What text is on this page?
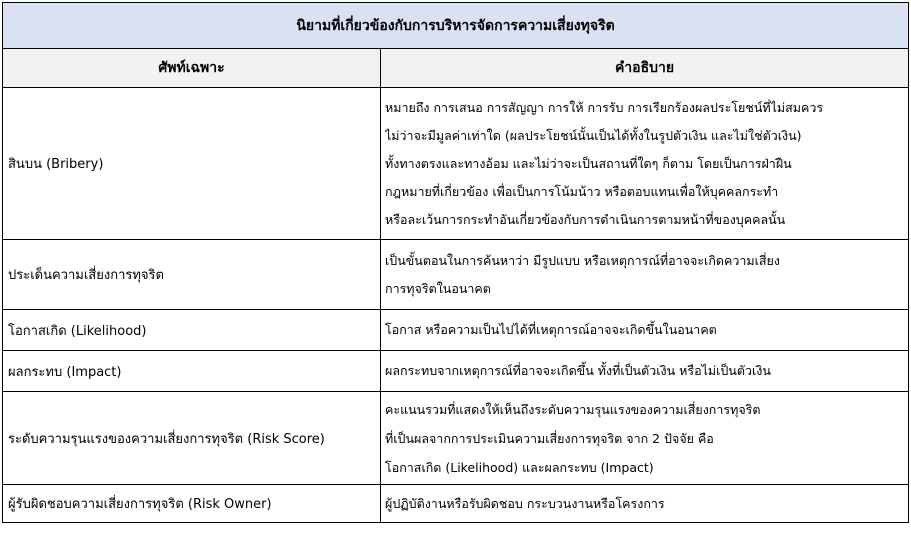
นิยามที่เกี่ยวข้องกับการบริหารจัดการความเสี่ยงทุจริต	
ศัพท์เฉพาะ	คำอธิบาย
สินบน (Bribery)	หมายถึง การเสนอ การสัญญา การให้ การรับ การเรียกร้องผลประโยชน์ที่ไม่สมควร
ไม่ว่าจะมีมูลค่าเท่าใด (ผลประโยชน์นั้นเป็นได้ทั้งในรูปตัวเงิน และไม่ใช่ตัวเงิน)
ทั้งทางตรงและทางอ้อม และไม่ว่าจะเป็นสถานที่ใดๆ ก็ตาม โดยเป็นการฝ่าฝืน
กฎหมายที่เกี่ยวข้อง เพื่อเป็นการโน้มน้าว หรือตอบแทนเพื่อให้บุคคลกระทำ
หรือละเว้นการกระทำอันเกี่ยวข้องกับการดำเนินการตามหน้าที่ของบุคคลนั้น

ประเด็นความเสี่ยงการทุจริต	เป็นขั้นตอนในการค้นหาว่า มีรูปแบบ หรือเหตุการณ์ที่อาจจะเกิดความเสี่ยง
การทุจริตในอนาคต

โอกาสเกิด (Likelihood)	โอกาส หรือความเป็นไปได้ที่เหตุการณ์อาจจะเกิดขึ้นในอนาคต

ผลกระทบ (Impact)	ผลกระทบจากเหตุการณ์ที่อาจจะเกิดขึ้น ทั้งที่เป็นตัวเงิน หรือไม่เป็นตัวเงิน

ระดับความรุนแรงของความเสี่ยงการทุจริต (Risk Score)	คะแนนรวมที่แสดงให้เห็นถึงระดับความรุนแรงของความเสี่ยงการทุจริต
ที่เป็นผลจากการประเมินความเสี่ยงการทุจริต จาก 2 ปัจจัย คือ
โอกาสเกิด (Likelihood) และผลกระทบ (Impact)

ผู้รับผิดชอบความเสี่ยงการทุจริต (Risk Owner)	ผู้ปฏิบัติงานหรือรับผิดชอบ กระบวนงานหรือโครงการ
